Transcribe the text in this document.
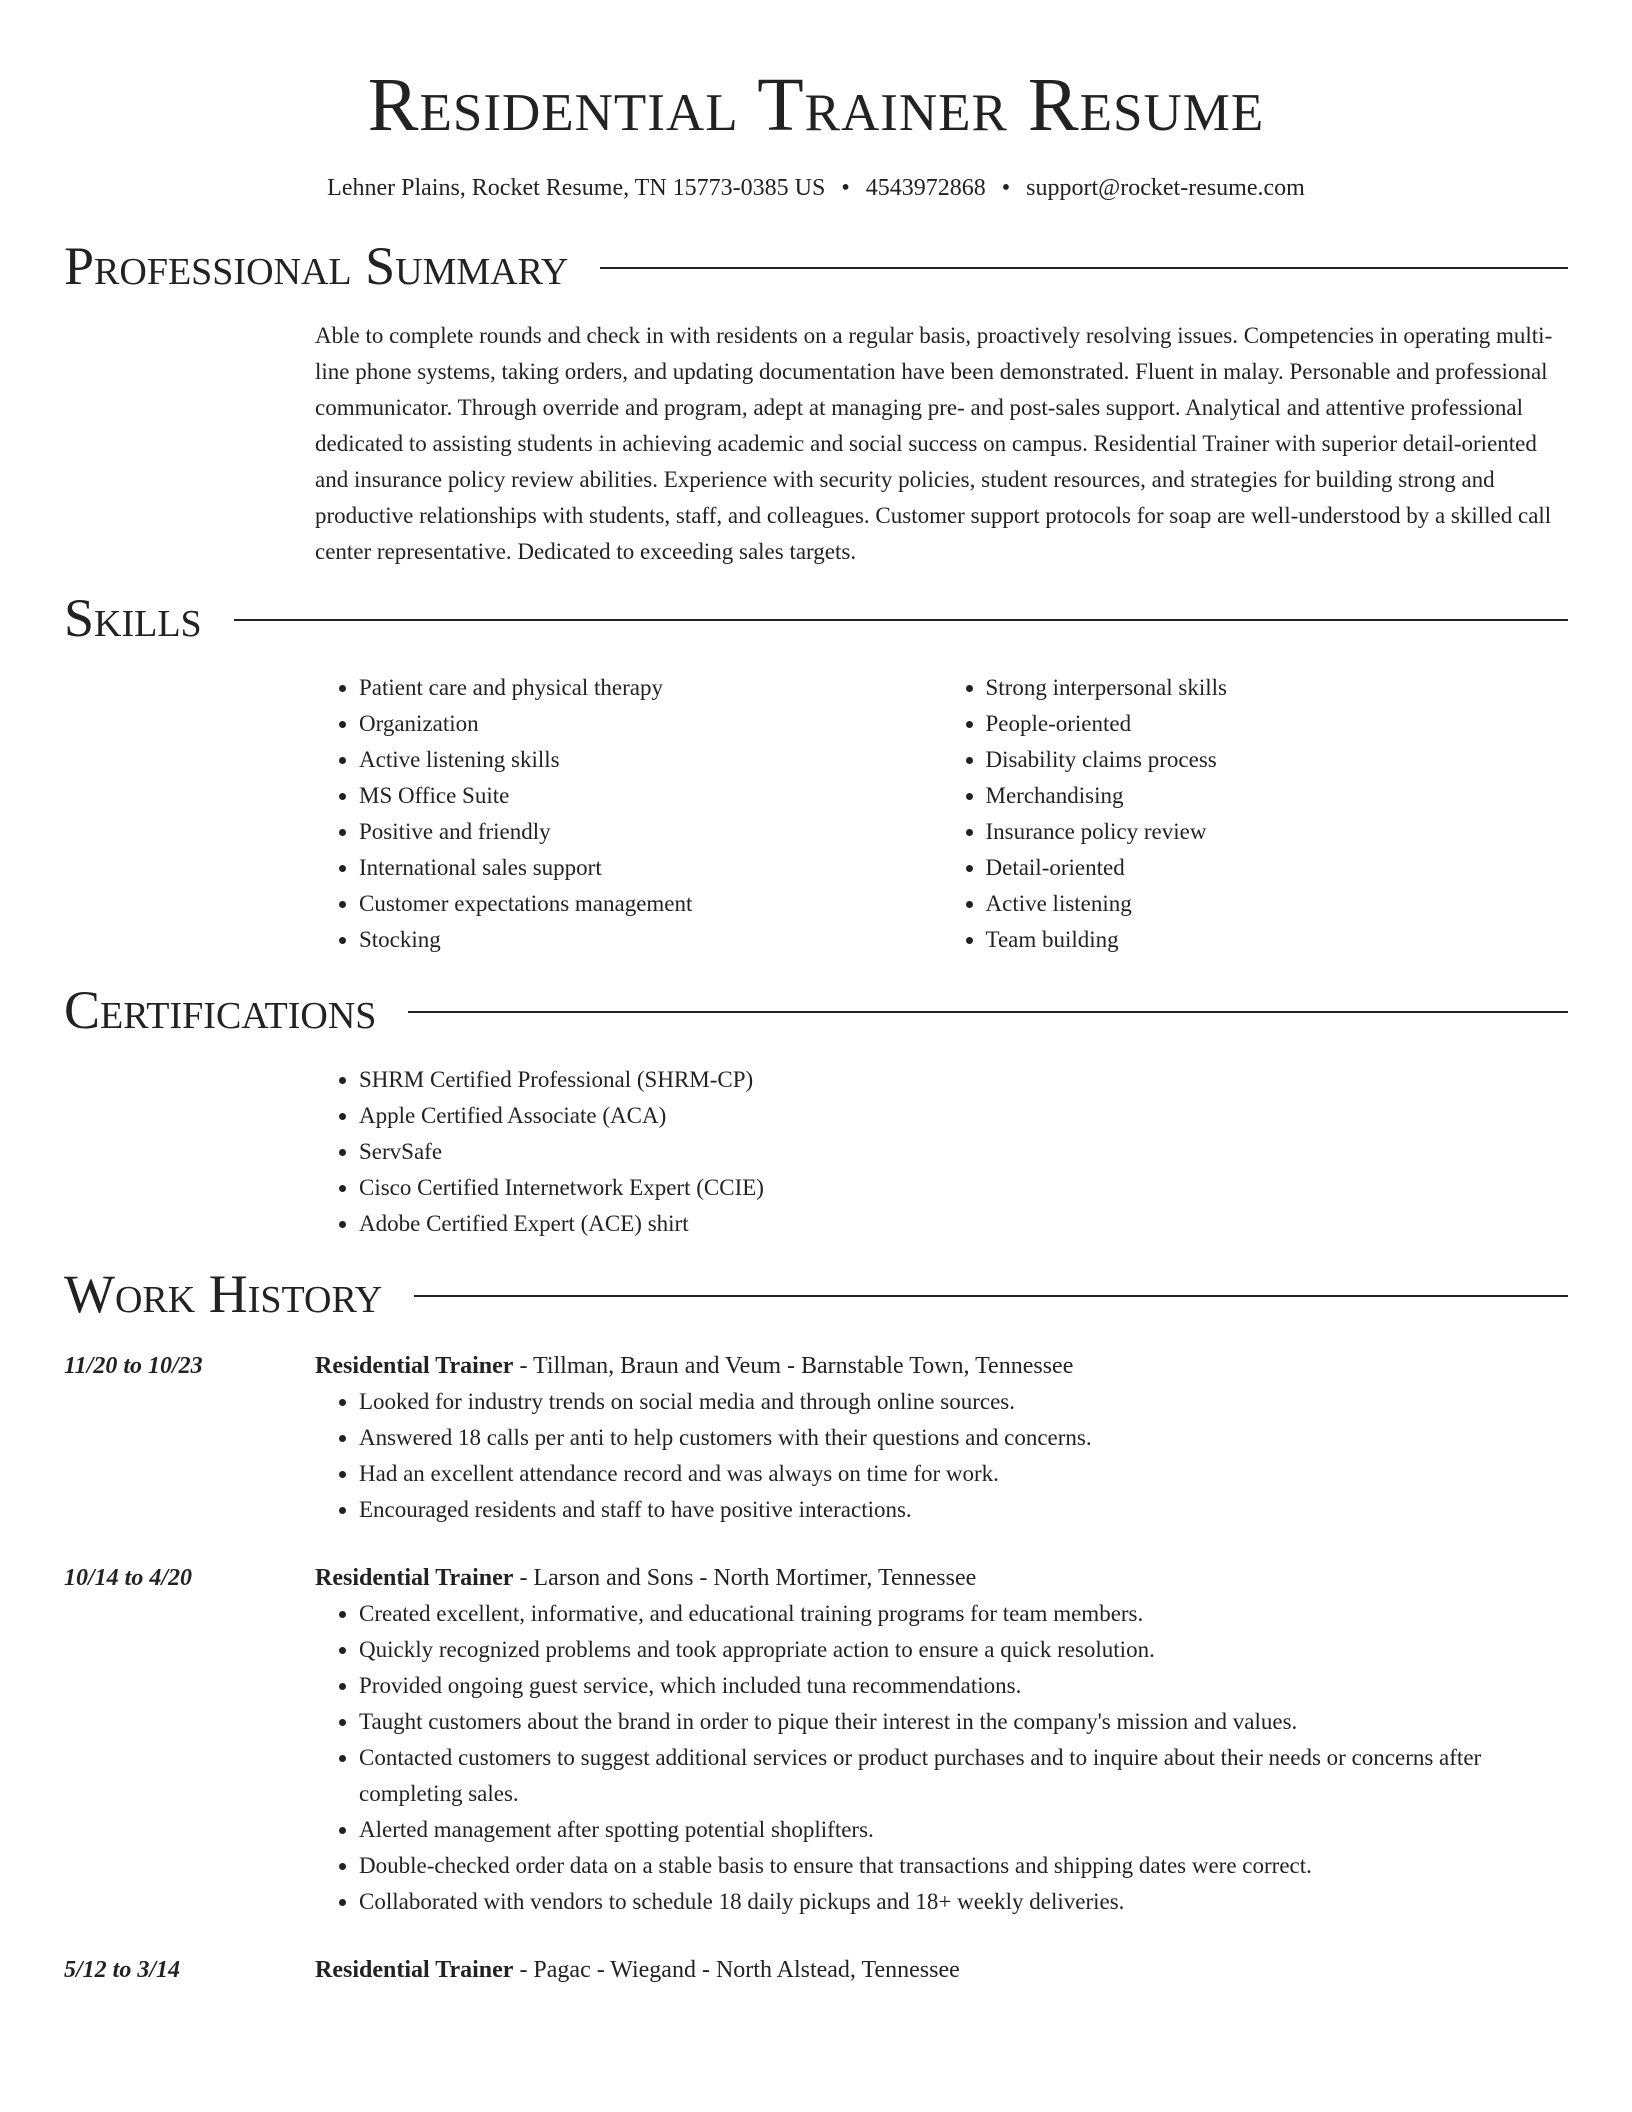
Residential Trainer Resume
Lehner Plains, Rocket Resume, TN 15773-0385 US • 4543972868 • support@rocket-resume.com
Professional Summary

Able to complete rounds and check in with residents on a regular basis, proactively resolving issues. Competencies in operating multi-line phone systems, taking orders, and updating documentation have been demonstrated. Fluent in malay. Personable and professional communicator. Through override and program, adept at managing pre- and post-sales support. Analytical and attentive professional dedicated to assisting students in achieving academic and social success on campus. Residential Trainer with superior detail-oriented and insurance policy review abilities. Experience with security policies, student resources, and strategies for building strong and productive relationships with students, staff, and colleagues. Customer support protocols for soap are well-understood by a skilled call center representative. Dedicated to exceeding sales targets.

Skills
• Patient care and physical therapy
• Organization
• Active listening skills
• MS Office Suite
• Positive and friendly
• International sales support
• Customer expectations management
• Stocking
• Strong interpersonal skills
• People-oriented
• Disability claims process
• Merchandising
• Insurance policy review
• Detail-oriented
• Active listening
• Team building
Certifications
• SHRM Certified Professional (SHRM-CP)
• Apple Certified Associate (ACA)
• ServSafe
• Cisco Certified Internetwork Expert (CCIE)
• Adobe Certified Expert (ACE) shirt
Work History
11/20 to 10/23	Residential Trainer - Tillman, Braun and Veum - Barnstable Town, Tennessee
• Looked for industry trends on social media and through online sources.
• Answered 18 calls per anti to help customers with their questions and concerns.
• Had an excellent attendance record and was always on time for work.
• Encouraged residents and staff to have positive interactions.
10/14 to 4/20	Residential Trainer - Larson and Sons - North Mortimer, Tennessee
• Created excellent, informative, and educational training programs for team members.
• Quickly recognized problems and took appropriate action to ensure a quick resolution.
• Provided ongoing guest service, which included tuna recommendations.
• Taught customers about the brand in order to pique their interest in the company's mission and values.
• Contacted customers to suggest additional services or product purchases and to inquire about their needs or concerns after completing sales.
• Alerted management after spotting potential shoplifters.
• Double-checked order data on a stable basis to ensure that transactions and shipping dates were correct.
• Collaborated with vendors to schedule 18 daily pickups and 18+ weekly deliveries.
5/12 to 3/14	Residential Trainer - Pagac - Wiegand - North Alstead, Tennessee
